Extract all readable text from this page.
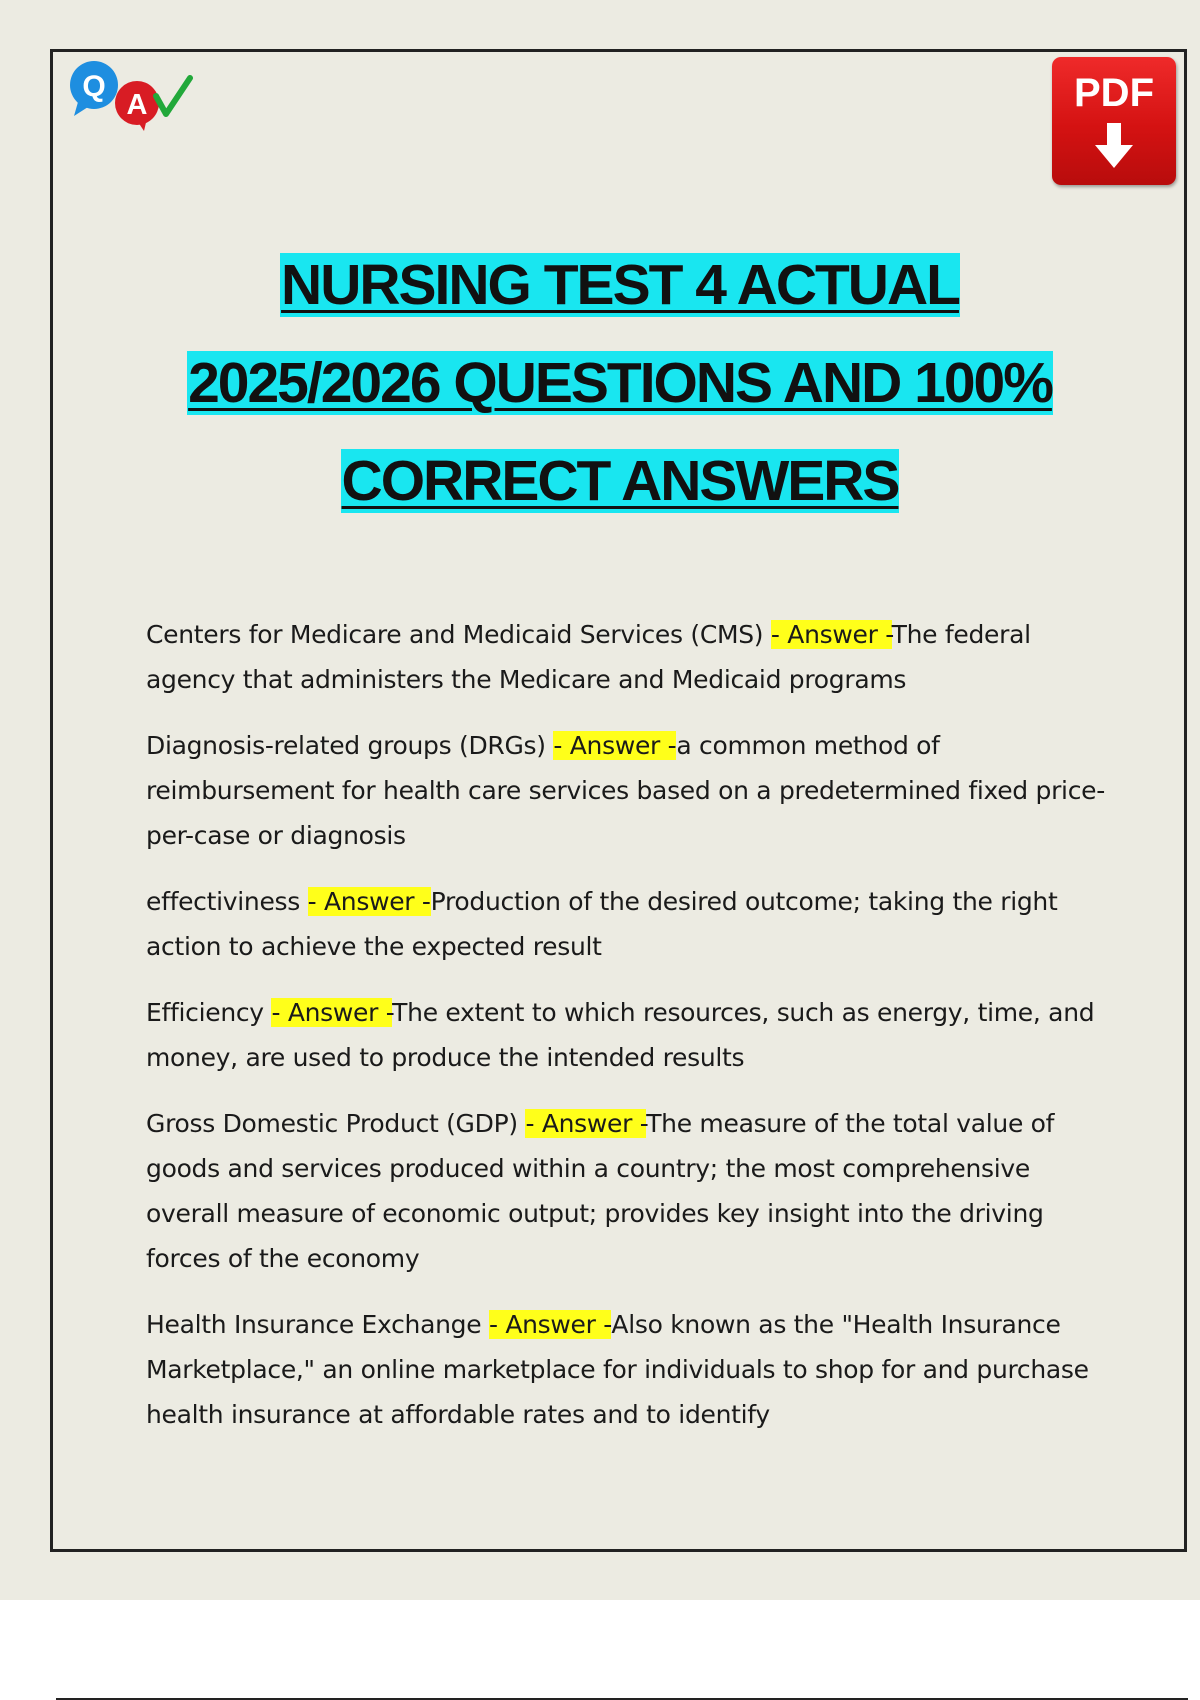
Q
A	PDF
NURSING TEST 4 ACTUAL
2025/2026 QUESTIONS AND 100%
CORRECT ANSWERS

Centers for Medicare and Medicaid Services (CMS) - Answer -The federal agency that administers the Medicare and Medicaid programs

Diagnosis-related groups (DRGs) - Answer -a common method of reimbursement for health care services based on a predetermined fixed price-per-case or diagnosis

effectiviness - Answer -Production of the desired outcome; taking the right action to achieve the expected result

Efficiency - Answer -The extent to which resources, such as energy, time, and money, are used to produce the intended results

Gross Domestic Product (GDP) - Answer -The measure of the total value of goods and services produced within a country; the most comprehensive overall measure of economic output; provides key insight into the driving forces of the economy

Health Insurance Exchange - Answer -Also known as the "Health Insurance Marketplace," an online marketplace for individuals to shop for and purchase health insurance at affordable rates and to identify
